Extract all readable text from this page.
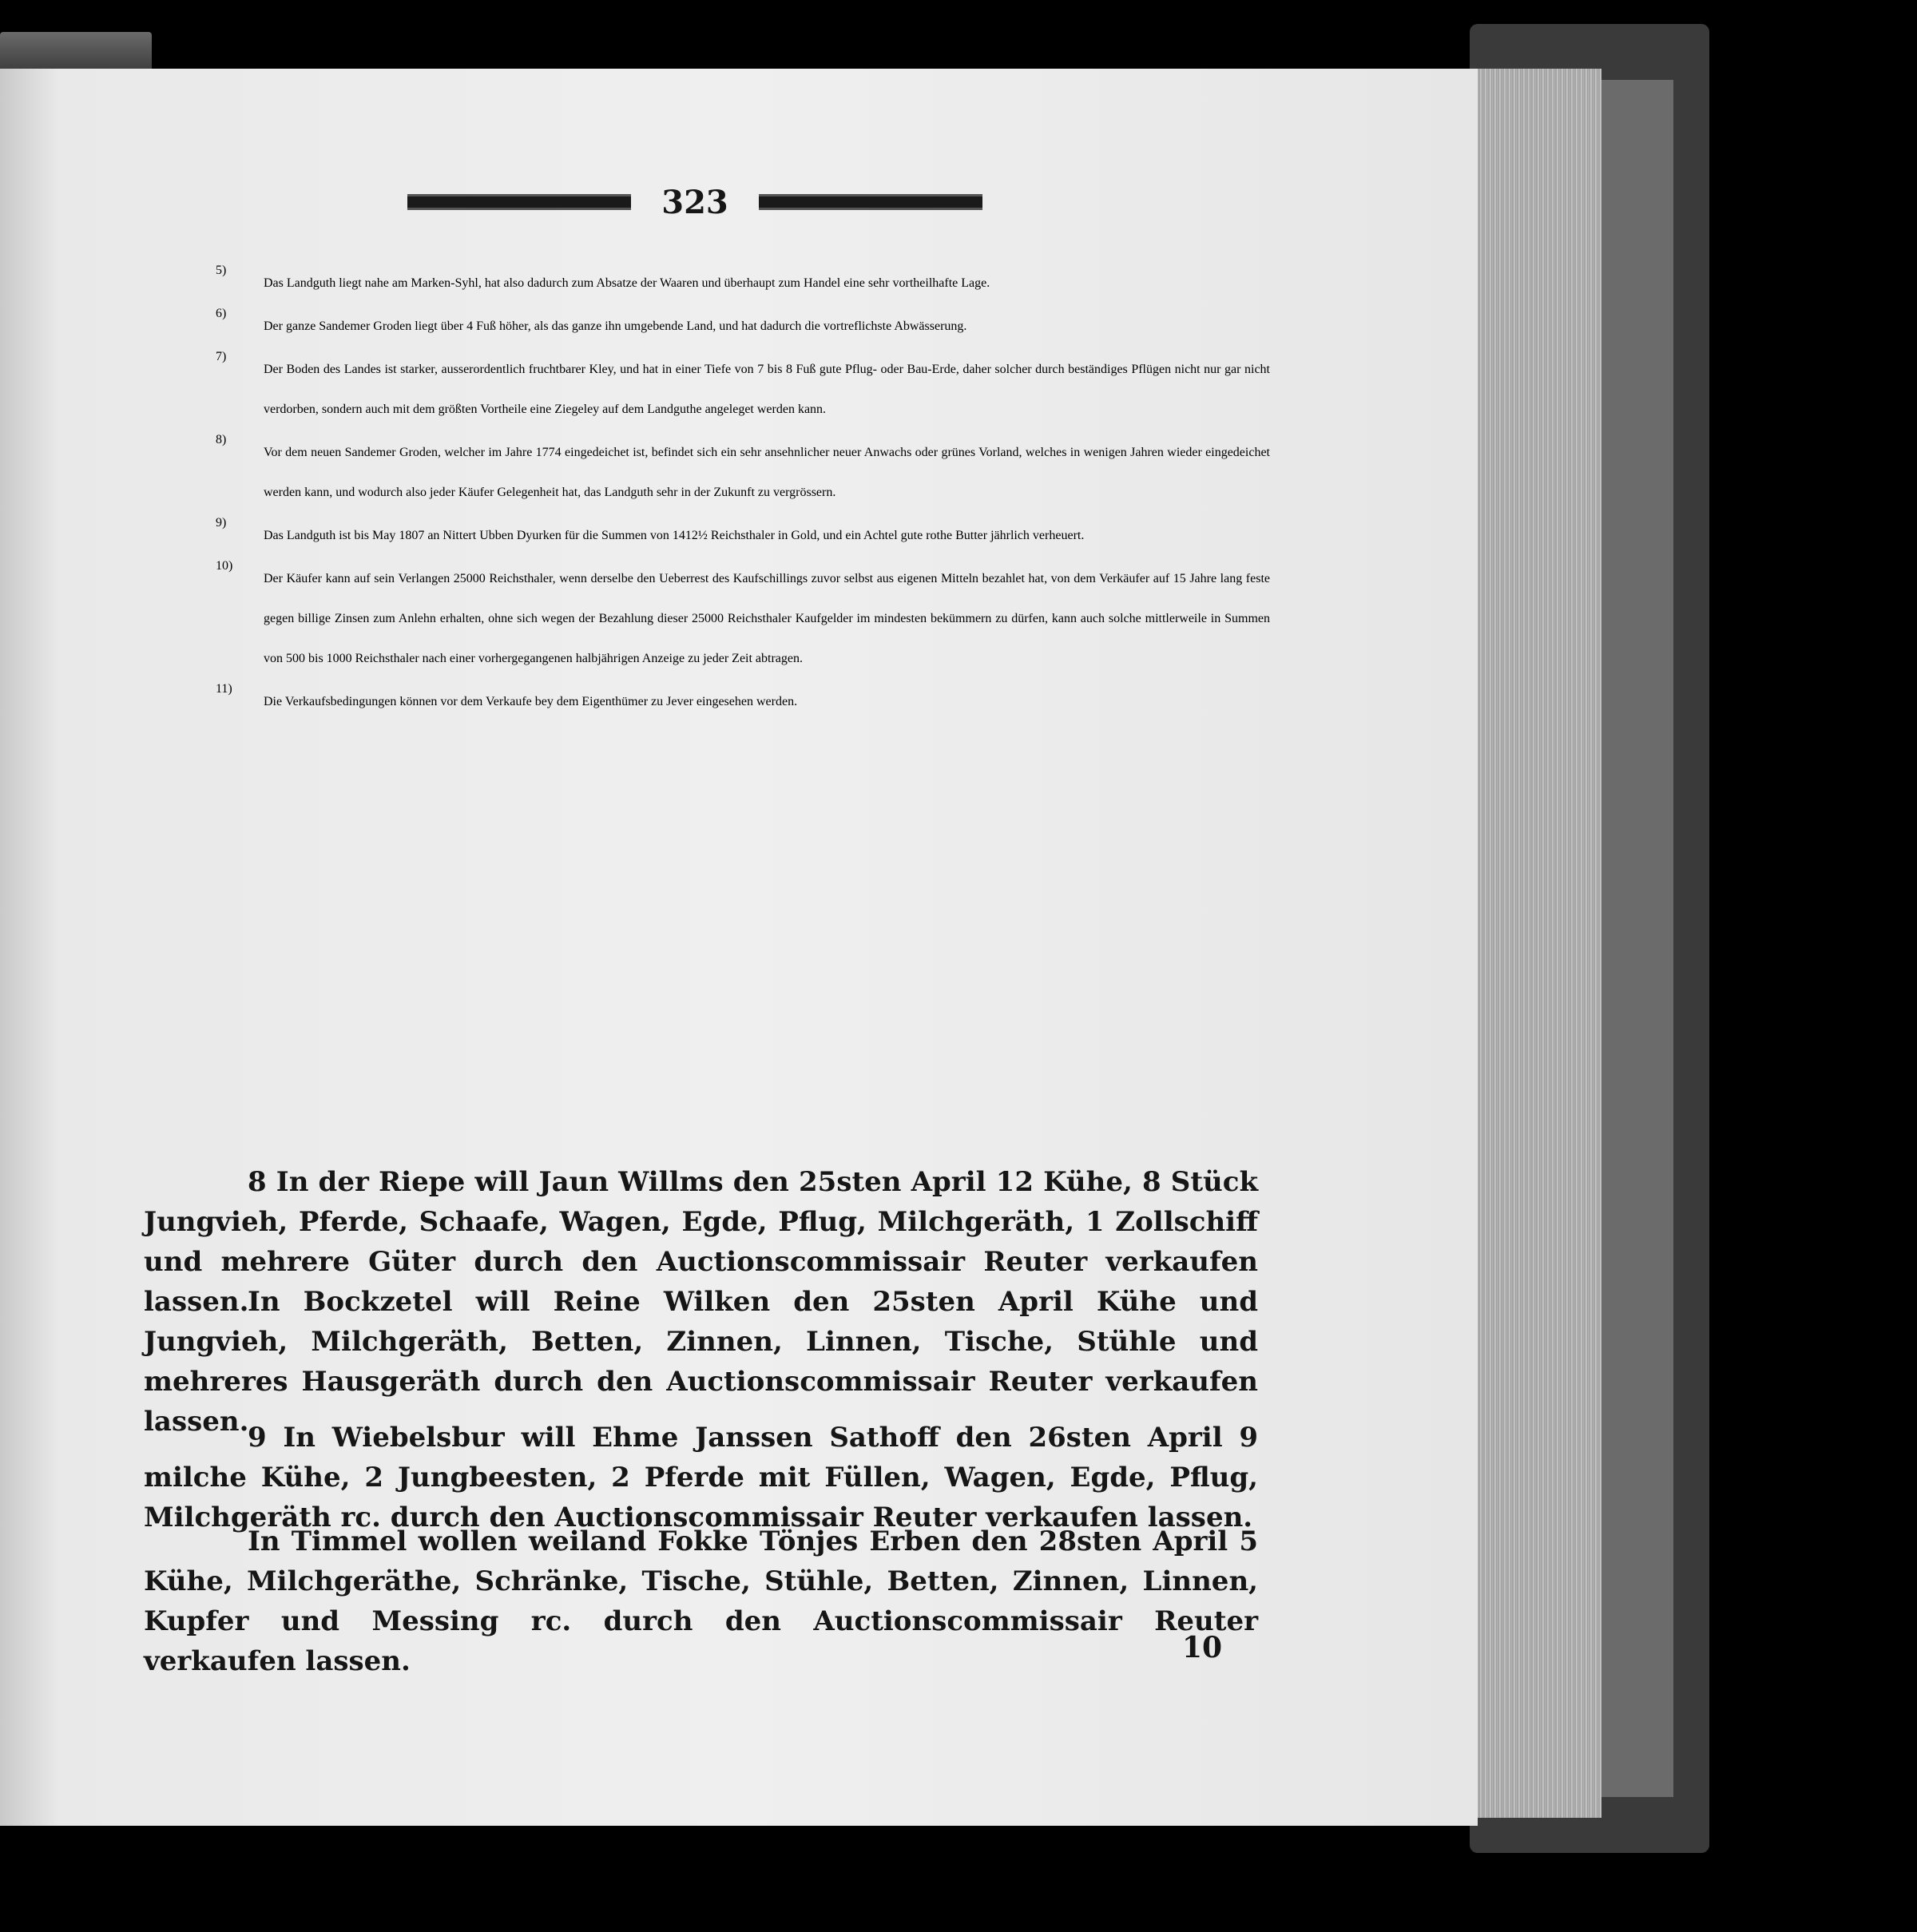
323
5)
Das Landguth liegt nahe am Marken-Syhl, hat also dadurch zum Absatze der Waaren und überhaupt zum Handel eine sehr vortheilhafte Lage.
6)
Der ganze Sandemer Groden liegt über 4 Fuß höher, als das ganze ihn umgebende Land, und hat dadurch die vortreflichste Abwässerung.
7)
Der Boden des Landes ist starker, ausserordentlich fruchtbarer Kley, und hat in einer Tiefe von 7 bis 8 Fuß gute Pflug- oder Bau-Erde, daher solcher durch beständiges Pflügen nicht nur gar nicht verdorben, sondern auch mit dem größten Vortheile eine Ziegeley auf dem Landguthe angeleget werden kann.
8)
Vor dem neuen Sandemer Groden, welcher im Jahre 1774 eingedeichet ist, befindet sich ein sehr ansehnlicher neuer Anwachs oder grünes Vorland, welches in wenigen Jahren wieder eingedeichet werden kann, und wodurch also jeder Käufer Gelegenheit hat, das Landguth sehr in der Zukunft zu vergrössern.
9)
Das Landguth ist bis May 1807 an Nittert Ubben Dyurken für die Summen von 1412½ Reichsthaler in Gold, und ein Achtel gute rothe Butter jährlich verheuert.
10)
Der Käufer kann auf sein Verlangen 25000 Reichsthaler, wenn derselbe den Ueberrest des Kaufschillings zuvor selbst aus eigenen Mitteln bezahlet hat, von dem Verkäufer auf 15 Jahre lang feste gegen billige Zinsen zum Anlehn erhalten, ohne sich wegen der Bezahlung dieser 25000 Reichsthaler Kaufgelder im mindesten bekümmern zu dürfen, kann auch solche mittlerweile in Summen von 500 bis 1000 Reichsthaler nach einer vorhergegangenen halbjährigen Anzeige zu jeder Zeit abtragen.
11)
Die Verkaufsbedingungen können vor dem Verkaufe bey dem Eigenthümer zu Jever eingesehen werden.

8 In der Riepe will Jaun Willms den 25sten April 12 Kühe, 8 Stück Jungvieh, Pferde, Schaafe, Wagen, Egde, Pflug, Milchgeräth, 1 Zollschiff und mehrere Güter durch den Auctionscommissair Reuter verkaufen lassen.

In Bockzetel will Reine Wilken den 25sten April Kühe und Jungvieh, Milchgeräth, Betten, Zinnen, Linnen, Tische, Stühle und mehreres Hausgeräth durch den Auctionscommissair Reuter verkaufen lassen.

9 In Wiebelsbur will Ehme Janssen Sathoff den 26sten April 9 milche Kühe, 2 Jungbeesten, 2 Pferde mit Füllen, Wagen, Egde, Pflug, Milchgeräth rc. durch den Auctionscommissair Reuter verkaufen lassen.

In Timmel wollen weiland Fokke Tönjes Erben den 28sten April 5 Kühe, Milchgeräthe, Schränke, Tische, Stühle, Betten, Zinnen, Linnen, Kupfer und Messing rc. durch den Auctionscommissair Reuter verkaufen lassen.	10
